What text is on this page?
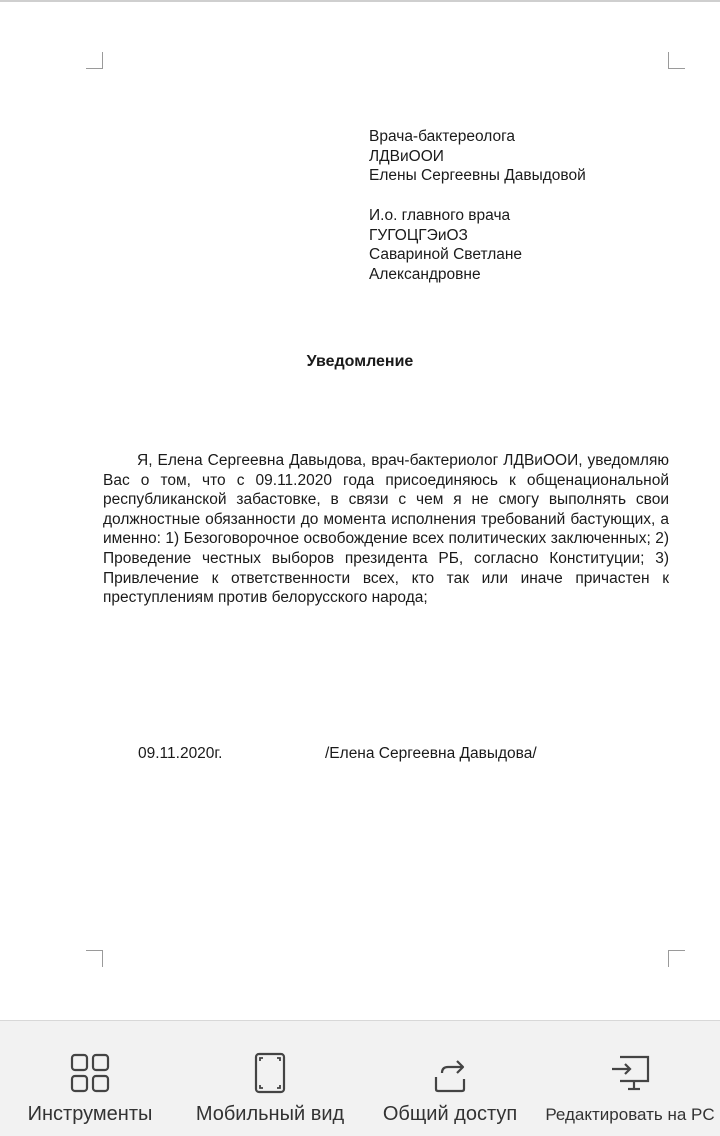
Врача-бактереолога
ЛДВиООИ
Елены Сергеевны Давыдовой
И.о. главного врача
ГУГОЦГЭиОЗ
Савариной Светлане
Александровне
Уведомление
Я, Елена Сергеевна Давыдова, врач-бактериолог ЛДВиООИ, уведомляю Вас о том, что с 09.11.2020 года присоединяюсь к общенациональной республиканской забастовке, в связи с чем я не смогу выполнять свои должностные обязанности до момента исполнения требований бастующих, а именно: 1) Безоговорочное освобождение всех политических заключенных; 2) Проведение честных выборов президента РБ, согласно Конституции; 3) Привлечение к ответственности всех, кто так или иначе причастен к преступлениям против белорусского народа;
09.11.2020г.	/Елена Сергеевна Давыдова/
Инструменты Мобильный вид Общий доступ Редактировать на PC
